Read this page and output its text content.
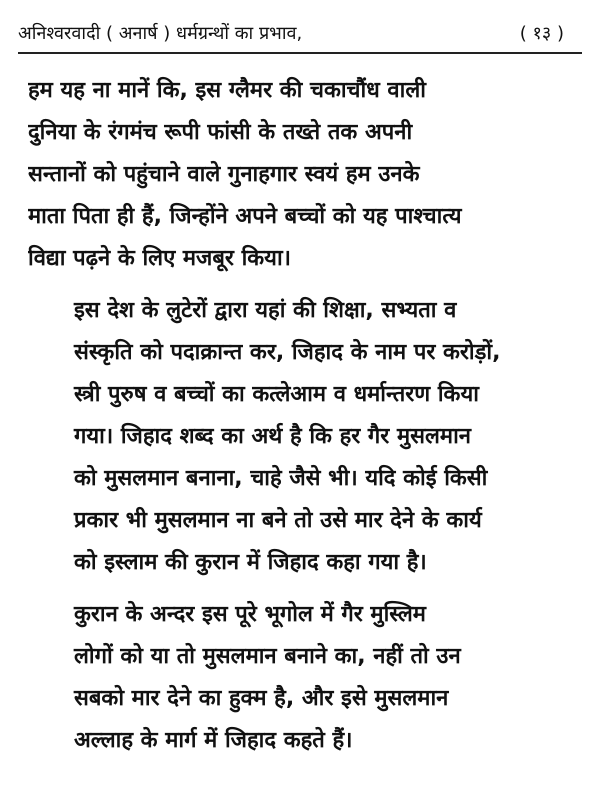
अनिश्वरवादी ( अनार्ष ) धर्मग्रन्थों का प्रभाव,	( १३ )

हम यह ना मानें कि, इस ग्लैमर की चकाचौंध वाली
दुनिया के रंगमंच रूपी फांसी के तख्ते तक अपनी
सन्तानों को पहुंचाने वाले गुनाहगार स्वयं हम उनके
माता पिता ही हैं, जिन्होंने अपने बच्चों को यह पाश्चात्य
विद्या पढ़ने के लिए मजबूर किया।

इस देश के लुटेरों द्वारा यहां की शिक्षा, सभ्यता व
संस्कृति को पदाक्रान्त कर, जिहाद के नाम पर करोड़ों,
स्त्री पुरुष व बच्चों का कत्लेआम व धर्मान्तरण किया
गया। जिहाद शब्द का अर्थ है कि हर गैर मुसलमान
को मुसलमान बनाना, चाहे जैसे भी। यदि कोई किसी
प्रकार भी मुसलमान ना बने तो उसे मार देने के कार्य
को इस्लाम की कुरान में जिहाद कहा गया है।

कुरान के अन्दर इस पूरे भूगोल में गैर मुस्लिम
लोगों को या तो मुसलमान बनाने का, नहीं तो उन
सबको मार देने का हुक्म है, और इसे मुसलमान
अल्लाह के मार्ग में जिहाद कहते हैं।
